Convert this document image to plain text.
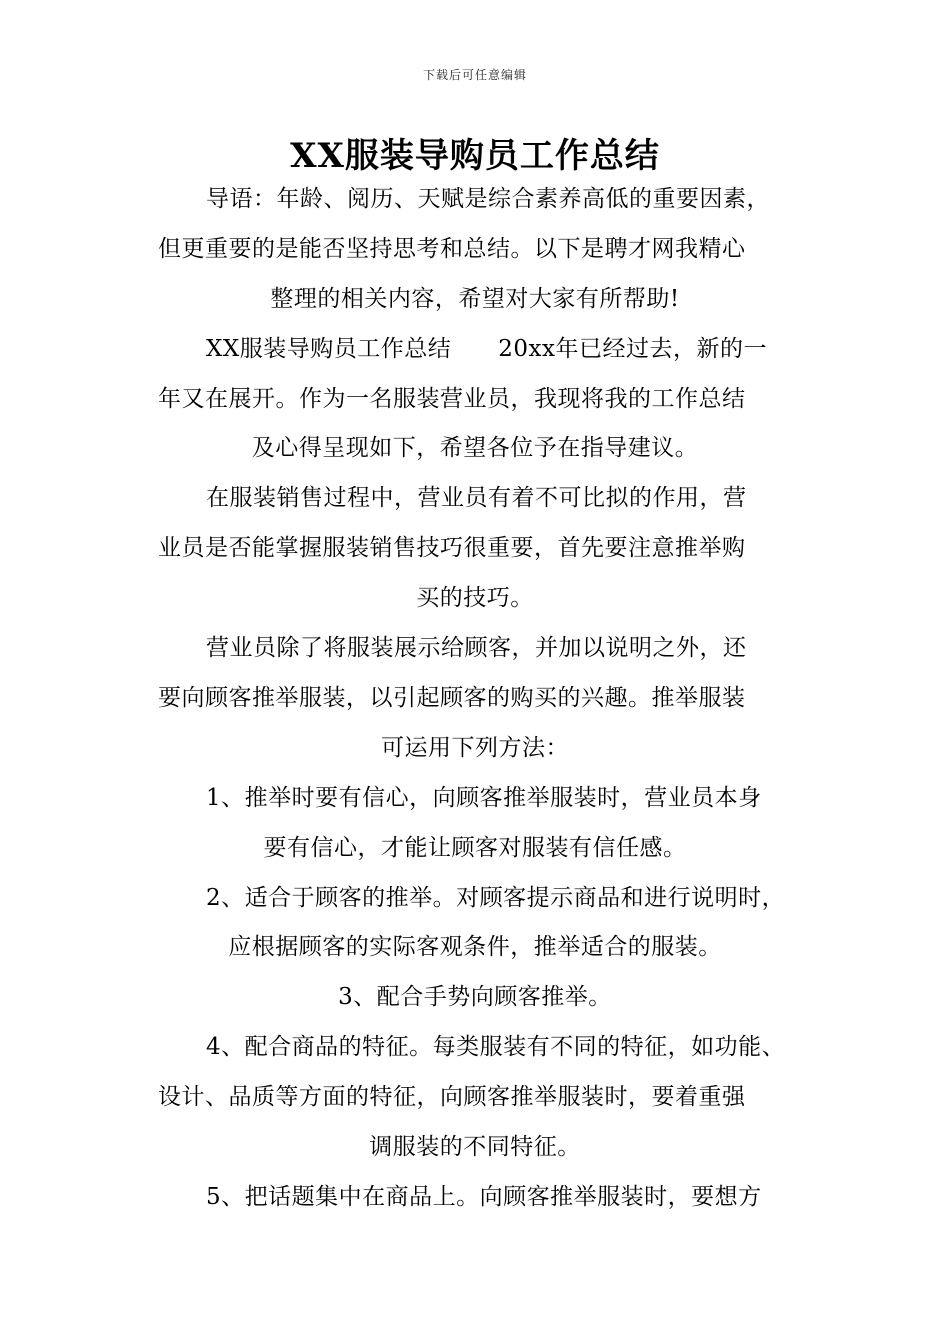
下载后可任意编辑
XX服装导购员工作总结
导语：年龄、阅历、天赋是综合素养高低的重要因素，
但更重要的是能否坚持思考和总结。以下是聘才网我精心
整理的相关内容，希望对大家有所帮助!
XX服装导购员工作总结　　20xx年已经过去，新的一
年又在展开。作为一名服装营业员，我现将我的工作总结
及心得呈现如下，希望各位予在指导建议。
在服装销售过程中，营业员有着不可比拟的作用，营
业员是否能掌握服装销售技巧很重要，首先要注意推举购
买的技巧。
营业员除了将服装展示给顾客，并加以说明之外，还
要向顾客推举服装，以引起顾客的购买的兴趣。推举服装
可运用下列方法：
1、推举时要有信心，向顾客推举服装时，营业员本身
要有信心，才能让顾客对服装有信任感。
2、适合于顾客的推举。对顾客提示商品和进行说明时，
应根据顾客的实际客观条件，推举适合的服装。
3、配合手势向顾客推举。
4、配合商品的特征。每类服装有不同的特征，如功能、
设计、品质等方面的特征，向顾客推举服装时，要着重强
调服装的不同特征。
5、把话题集中在商品上。向顾客推举服装时，要想方
